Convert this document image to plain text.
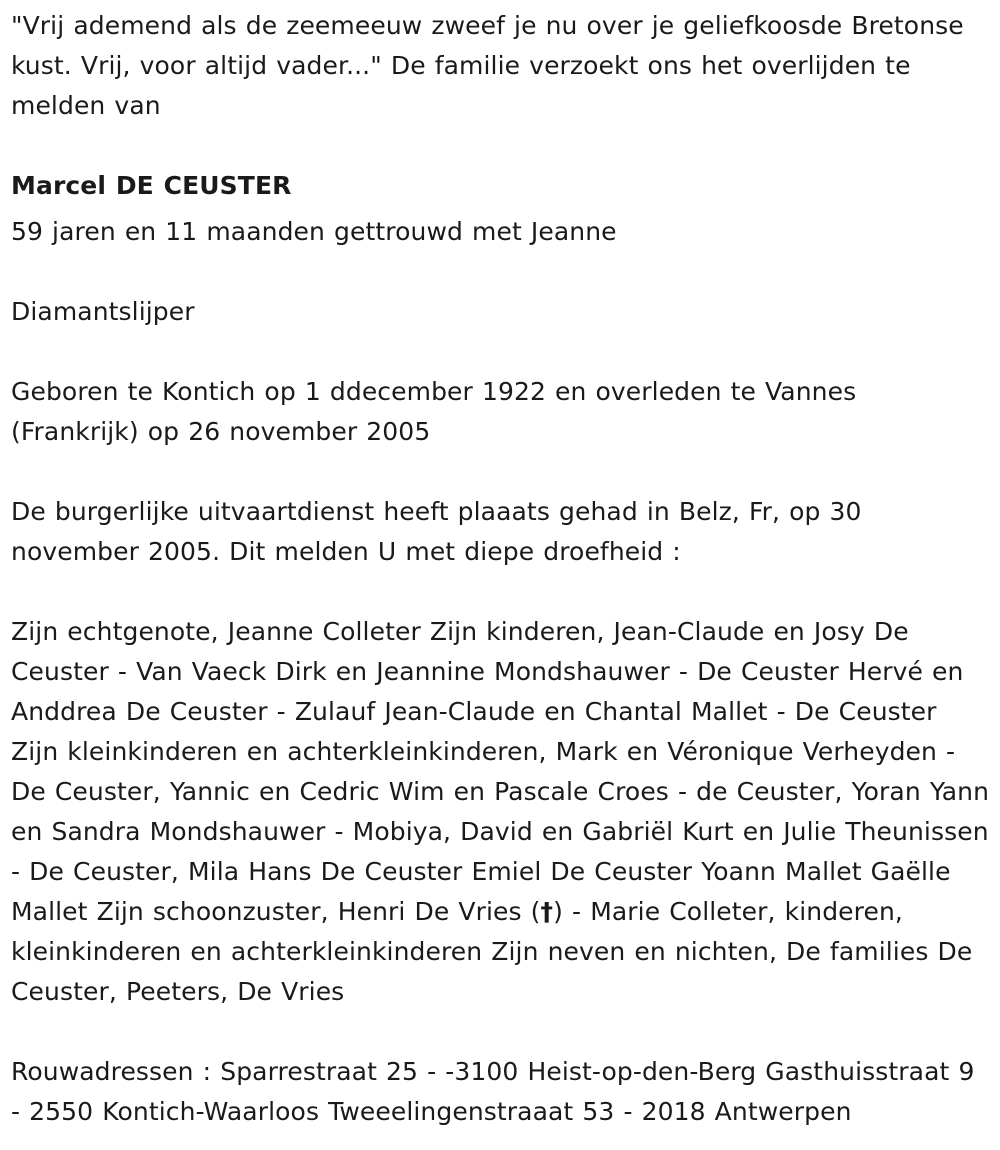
"Vrij ademend als de zeemeeuw zweef je nu over je geliefkoosde Bretonse kust. Vrij, voor altijd vader..." De familie verzoekt ons het overlijden te melden van

Marcel DE CEUSTER

59 jaren en 11 maanden gettrouwd met Jeanne

Diamantslijper

Geboren te Kontich op 1 ddecember 1922 en overleden te Vannes (Frankrijk) op 26 november 2005

De burgerlijke uitvaartdienst heeft plaaats gehad in Belz, Fr, op 30 november 2005. Dit melden U met diepe droefheid :

Zijn echtgenote, Jeanne Colleter Zijn kinderen, Jean-Claude en Josy De Ceuster - Van Vaeck Dirk en Jeannine Mondshauwer - De Ceuster Hervé en Anddrea De Ceuster - Zulauf Jean-Claude en Chantal Mallet - De Ceuster Zijn kleinkinderen en achterkleinkinderen, Mark en Véronique Verheyden - De Ceuster, Yannic en Cedric Wim en Pascale Croes - de Ceuster, Yoran Yann en Sandra Mondshauwer - Mobiya, David en Gabriël Kurt en Julie Theunissen - De Ceuster, Mila Hans De Ceuster Emiel De Ceuster Yoann Mallet Gaëlle Mallet Zijn schoonzuster, Henri De Vries (†) - Marie Colleter, kinderen, kleinkinderen en achterkleinkinderen Zijn neven en nichten, De families De Ceuster, Peeters, De Vries

Rouwadressen : Sparrestraat 25 - -3100 Heist-op-den-Berg Gasthuisstraat 9 - 2550 Kontich-Waarloos Tweeelingenstraaat 53 - 2018 Antwerpen
